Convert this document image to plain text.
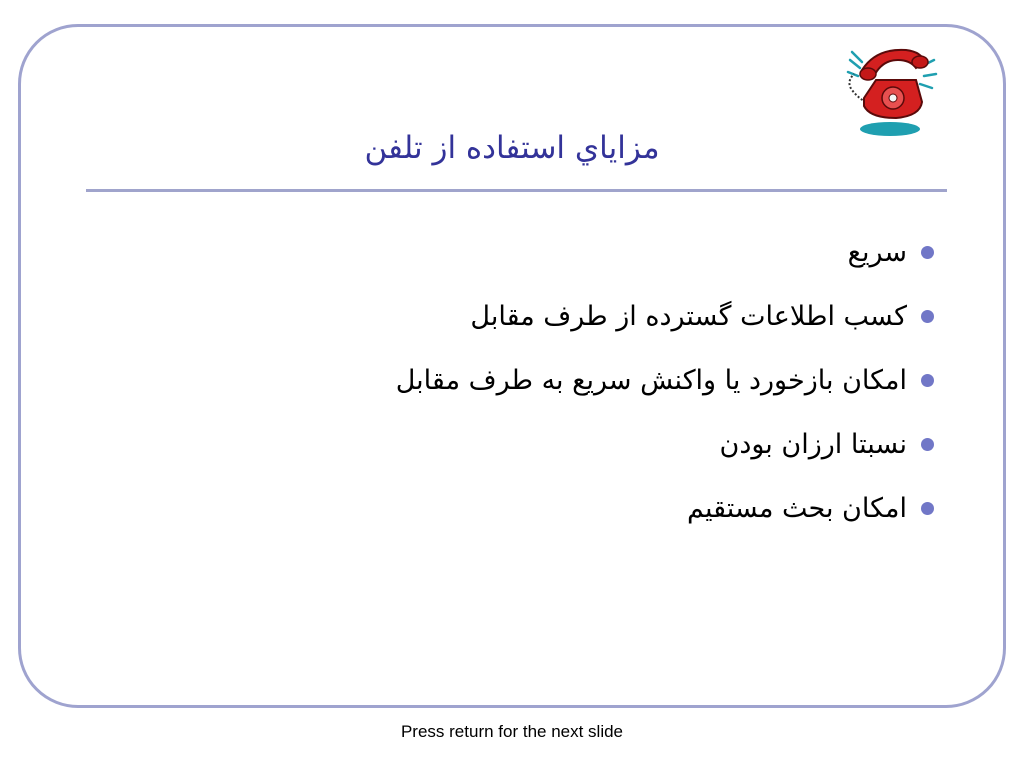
مزاياي استفاده از تلفن
سريع
كسب اطلاعات گسترده از طرف مقابل
امكان بازخورد يا واكنش سريع به طرف مقابل
نسبتا ارزان بودن
امكان بحث مستقيم
Press return for the next slide
